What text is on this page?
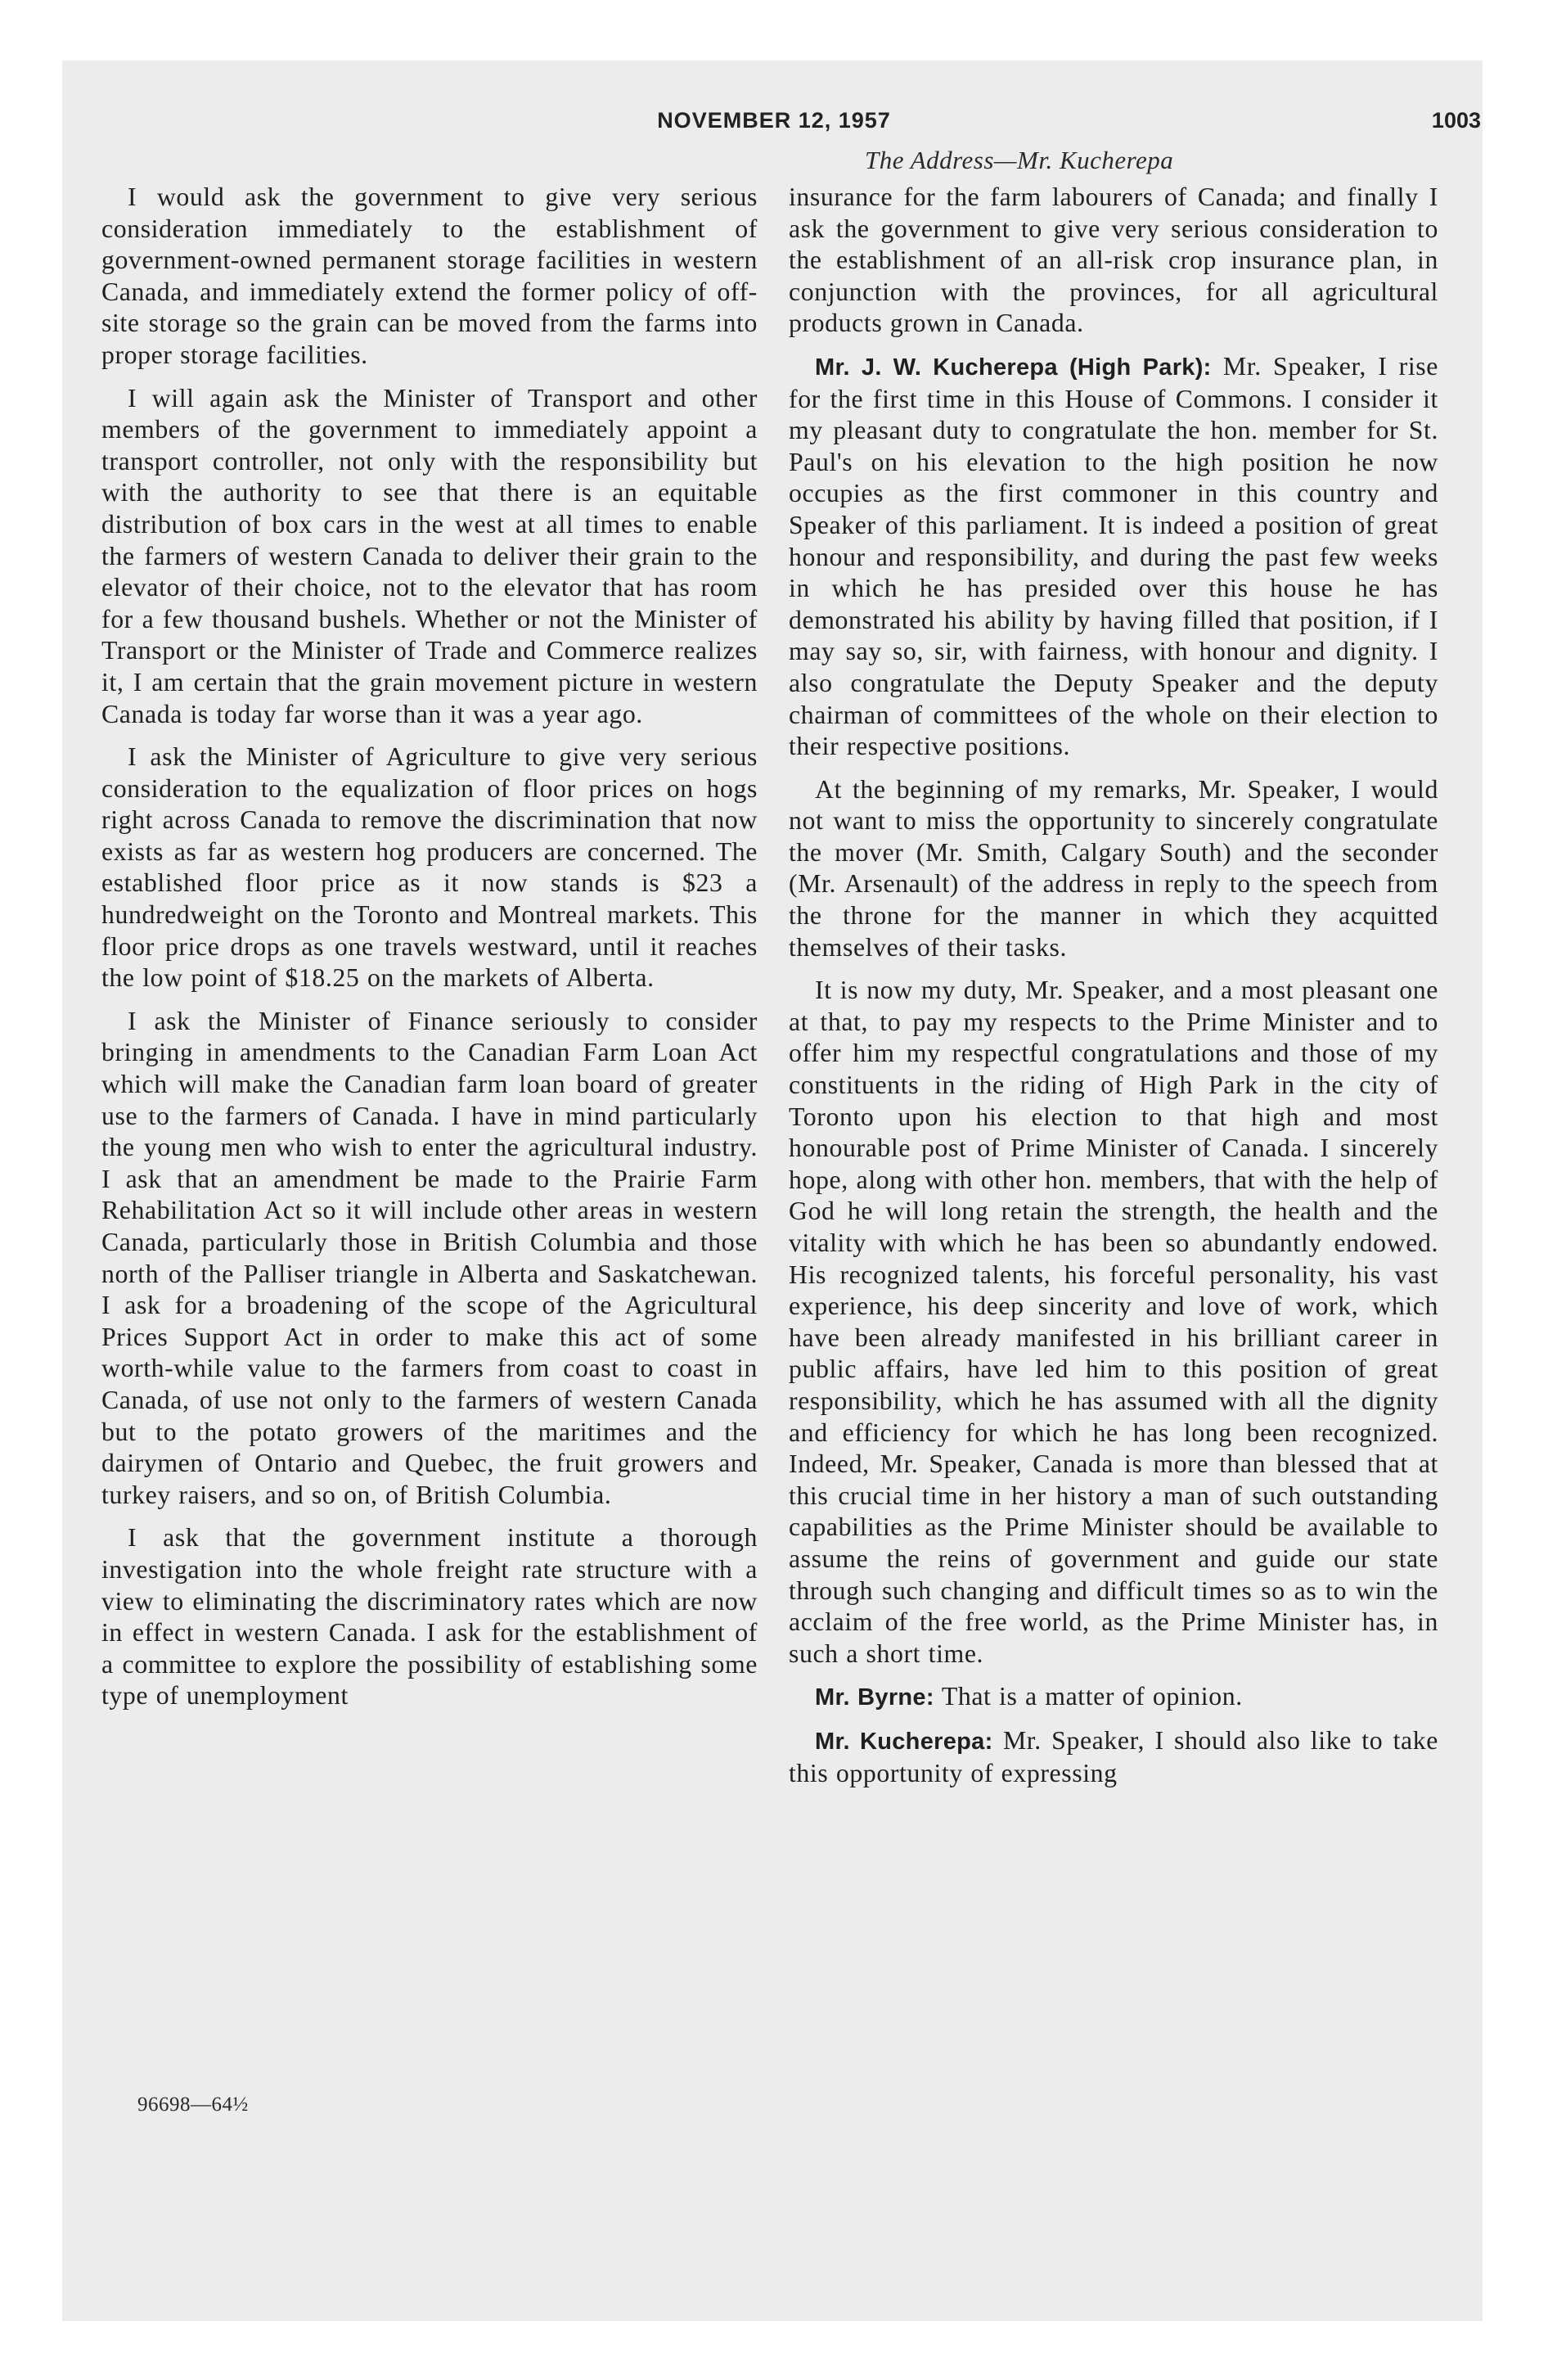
NOVEMBER 12, 1957	1003
The Address—Mr. Kucherepa

I would ask the government to give very serious consideration immediately to the establishment of government-owned permanent storage facilities in western Canada, and immediately extend the former policy of off-site storage so the grain can be moved from the farms into proper storage facilities.

I will again ask the Minister of Transport and other members of the government to immediately appoint a transport controller, not only with the responsibility but with the authority to see that there is an equitable distribution of box cars in the west at all times to enable the farmers of western Canada to deliver their grain to the elevator of their choice, not to the elevator that has room for a few thousand bushels. Whether or not the Minister of Transport or the Minister of Trade and Commerce realizes it, I am certain that the grain movement picture in western Canada is today far worse than it was a year ago.

I ask the Minister of Agriculture to give very serious consideration to the equalization of floor prices on hogs right across Canada to remove the discrimination that now exists as far as western hog producers are concerned. The established floor price as it now stands is $23 a hundredweight on the Toronto and Montreal markets. This floor price drops as one travels westward, until it reaches the low point of $18.25 on the markets of Alberta.

I ask the Minister of Finance seriously to consider bringing in amendments to the Canadian Farm Loan Act which will make the Canadian farm loan board of greater use to the farmers of Canada. I have in mind particularly the young men who wish to enter the agricultural industry. I ask that an amendment be made to the Prairie Farm Rehabilitation Act so it will include other areas in western Canada, particularly those in British Columbia and those north of the Palliser triangle in Alberta and Saskatchewan. I ask for a broadening of the scope of the Agricultural Prices Support Act in order to make this act of some worth-while value to the farmers from coast to coast in Canada, of use not only to the farmers of western Canada but to the potato growers of the maritimes and the dairymen of Ontario and Quebec, the fruit growers and turkey raisers, and so on, of British Columbia.

I ask that the government institute a thorough investigation into the whole freight rate structure with a view to eliminating the discriminatory rates which are now in effect in western Canada. I ask for the establishment of a committee to explore the possibility of establishing some type of unemployment

insurance for the farm labourers of Canada; and finally I ask the government to give very serious consideration to the establishment of an all-risk crop insurance plan, in conjunction with the provinces, for all agricultural products grown in Canada.

Mr. J. W. Kucherepa (High Park): Mr. Speaker, I rise for the first time in this House of Commons. I consider it my pleasant duty to congratulate the hon. member for St. Paul's on his elevation to the high position he now occupies as the first commoner in this country and Speaker of this parliament. It is indeed a position of great honour and responsibility, and during the past few weeks in which he has presided over this house he has demonstrated his ability by having filled that position, if I may say so, sir, with fairness, with honour and dignity. I also congratulate the Deputy Speaker and the deputy chairman of committees of the whole on their election to their respective positions.

At the beginning of my remarks, Mr. Speaker, I would not want to miss the opportunity to sincerely congratulate the mover (Mr. Smith, Calgary South) and the seconder (Mr. Arsenault) of the address in reply to the speech from the throne for the manner in which they acquitted themselves of their tasks.

It is now my duty, Mr. Speaker, and a most pleasant one at that, to pay my respects to the Prime Minister and to offer him my respectful congratulations and those of my constituents in the riding of High Park in the city of Toronto upon his election to that high and most honourable post of Prime Minister of Canada. I sincerely hope, along with other hon. members, that with the help of God he will long retain the strength, the health and the vitality with which he has been so abundantly endowed. His recognized talents, his forceful personality, his vast experience, his deep sincerity and love of work, which have been already manifested in his brilliant career in public affairs, have led him to this position of great responsibility, which he has assumed with all the dignity and efficiency for which he has long been recognized. Indeed, Mr. Speaker, Canada is more than blessed that at this crucial time in her history a man of such outstanding capabilities as the Prime Minister should be available to assume the reins of government and guide our state through such changing and difficult times so as to win the acclaim of the free world, as the Prime Minister has, in such a short time.

Mr. Byrne: That is a matter of opinion.

Mr. Kucherepa: Mr. Speaker, I should also like to take this opportunity of expressing

96698—64½
